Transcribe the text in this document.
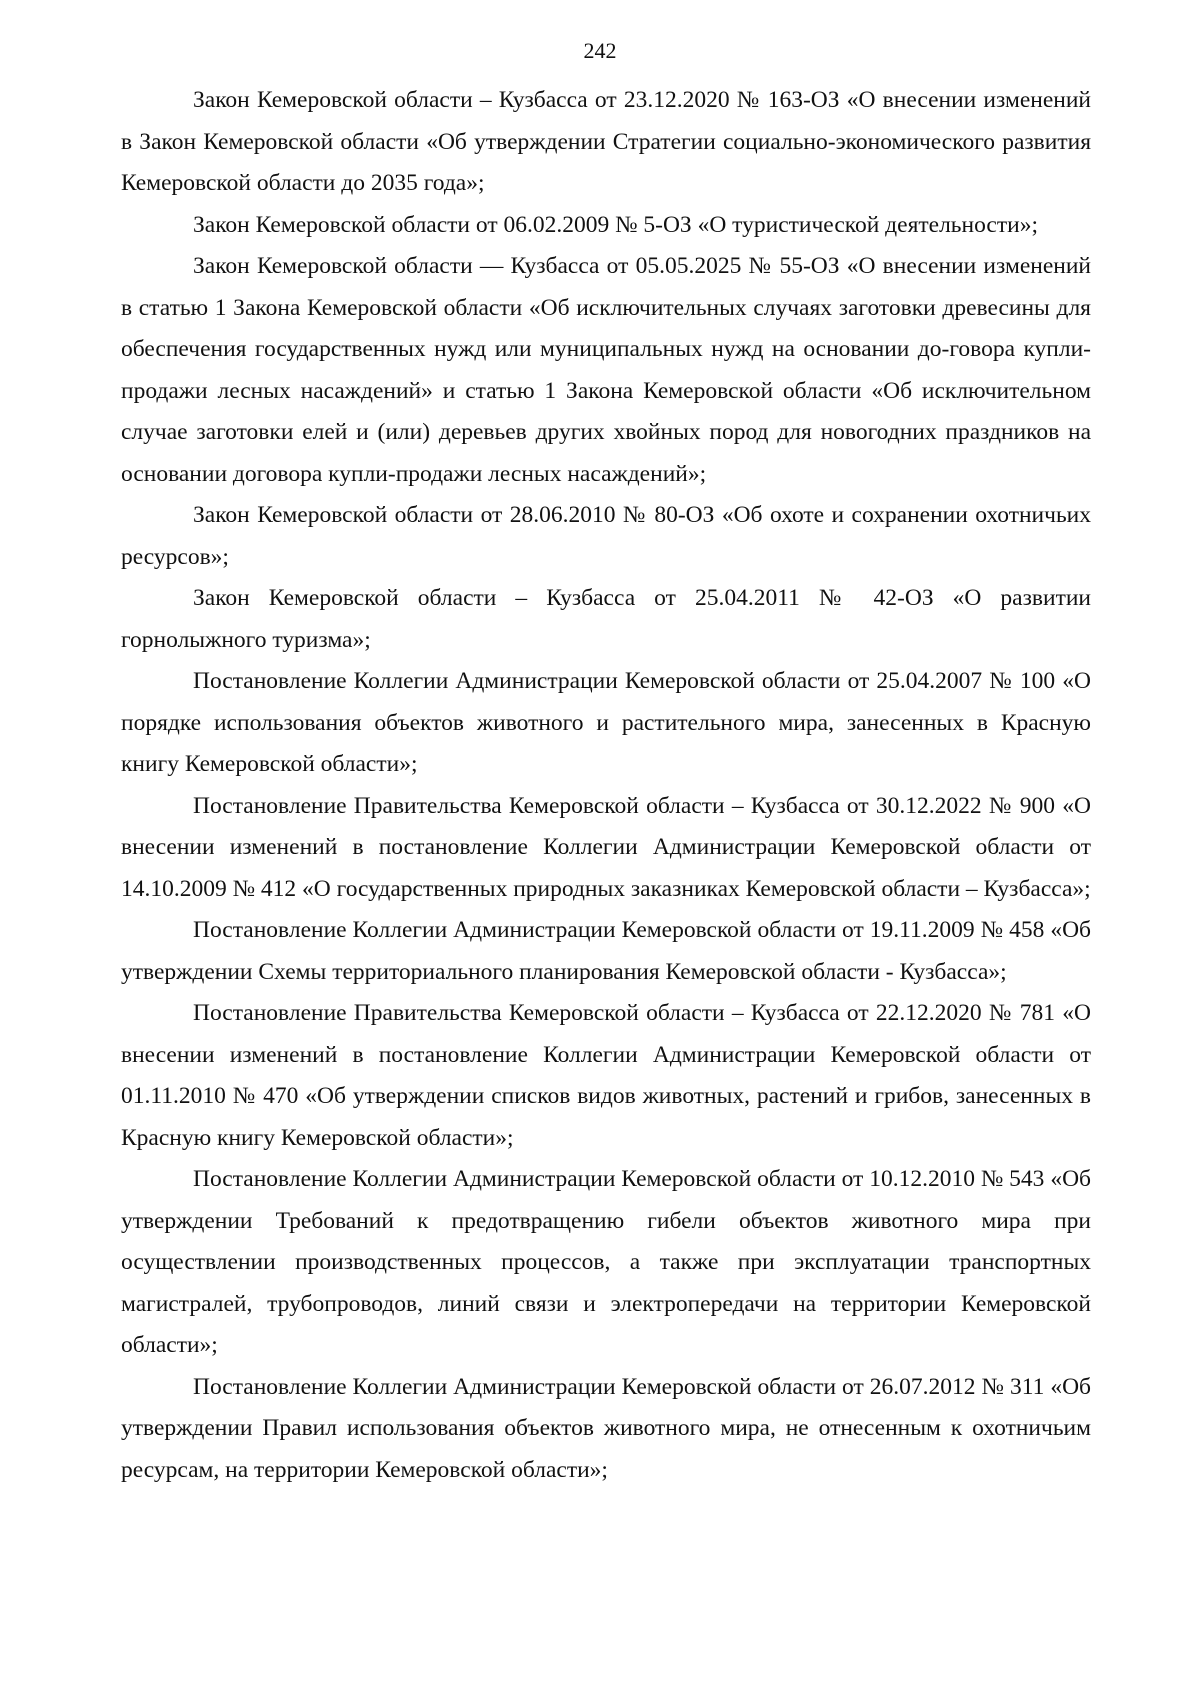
242

Закон Кемеровской области – Кузбасса от 23.12.2020 № 163-ОЗ «О внесении изменений в Закон Кемеровской области «Об утверждении Стратегии социально-экономического развития Кемеровской области до 2035 года»;

Закон Кемеровской области от 06.02.2009 № 5-ОЗ «О туристической деятельности»;

Закон Кемеровской области — Кузбасса от 05.05.2025 № 55-ОЗ «О внесении изменений в статью 1 Закона Кемеровской области «Об исключительных случаях заготовки древесины для обеспечения государственных нужд или муниципальных нужд на основании до-говора купли-продажи лесных насаждений» и статью 1 Закона Кемеровской области «Об исключительном случае заготовки елей и (или) деревьев других хвойных пород для новогодних праздников на основании договора купли-продажи лесных насаждений»;

Закон Кемеровской области от 28.06.2010 № 80-ОЗ «Об охоте и сохранении охотничьих ресурсов»;

Закон Кемеровской области – Кузбасса от 25.04.2011 № 42-ОЗ «О развитии горнолыжного туризма»;

Постановление Коллегии Администрации Кемеровской области от 25.04.2007 № 100 «О порядке использования объектов животного и растительного мира, занесенных в Красную книгу Кемеровской области»;

Постановление Правительства Кемеровской области – Кузбасса от 30.12.2022 № 900 «О внесении изменений в постановление Коллегии Администрации Кемеровской области от 14.10.2009 № 412 «О государственных природных заказниках Кемеровской области – Кузбасса»;

Постановление Коллегии Администрации Кемеровской области от 19.11.2009 № 458 «Об утверждении Схемы территориального планирования Кемеровской области - Кузбасса»;

Постановление Правительства Кемеровской области – Кузбасса от 22.12.2020 № 781 «О внесении изменений в постановление Коллегии Администрации Кемеровской области от 01.11.2010 № 470 «Об утверждении списков видов животных, растений и грибов, занесенных в Красную книгу Кемеровской области»;

Постановление Коллегии Администрации Кемеровской области от 10.12.2010 № 543 «Об утверждении Требований к предотвращению гибели объектов животного мира при осуществлении производственных процессов, а также при эксплуатации транспортных магистралей, трубопроводов, линий связи и электропередачи на территории Кемеровской области»;

Постановление Коллегии Администрации Кемеровской области от 26.07.2012 № 311 «Об утверждении Правил использования объектов животного мира, не отнесенным к охотничьим ресурсам, на территории Кемеровской области»;
